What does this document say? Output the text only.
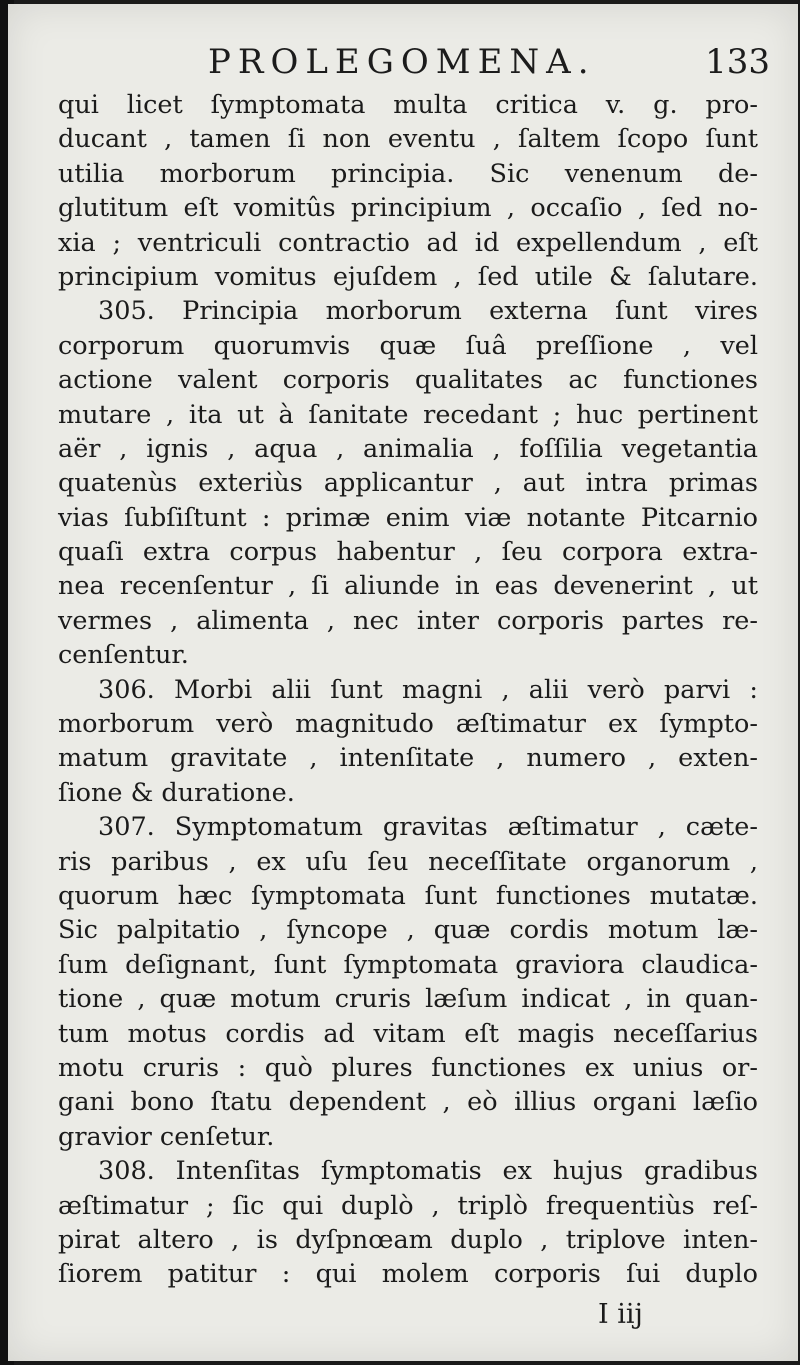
PROLEGOMENA.	133
qui licet ſymptomata multa critica v. g. pro-
ducant , tamen ſi non eventu , ſaltem ſcopo ſunt
utilia morborum principia. Sic venenum de-
glutitum eſt vomitûs principium , occaſio , ſed no-
xia ; ventriculi contractio ad id expellendum , eſt
principium vomitus ejuſdem , ſed utile & ſalutare.
305. Principia morborum externa ſunt vires
corporum quorumvis quæ ſuâ preſſione , vel
actione valent corporis qualitates ac functiones
mutare , ita ut à ſanitate recedant ; huc pertinent
aër , ignis , aqua , animalia , foſſilia vegetantia
quatenùs exteriùs applicantur , aut intra primas
vias ſubſiſtunt : primæ enim viæ notante Pitcarnio
quaſi extra corpus habentur , ſeu corpora extra-
nea recenſentur , ſi aliunde in eas devenerint , ut
vermes , alimenta , nec inter corporis partes re-
cenſentur.
306. Morbi alii ſunt magni , alii verò parvi :
morborum verò magnitudo æſtimatur ex ſympto-
matum gravitate , intenſitate , numero , exten-
ſione & duratione.
307. Symptomatum gravitas æſtimatur , cæte-
ris paribus , ex uſu ſeu neceſſitate organorum ,
quorum hæc ſymptomata ſunt functiones mutatæ.
Sic palpitatio , ſyncope , quæ cordis motum læ-
ſum deſignant, ſunt ſymptomata graviora claudica-
tione , quæ motum cruris læſum indicat , in quan-
tum motus cordis ad vitam eſt magis neceſſarius
motu cruris : quò plures functiones ex unius or-
gani bono ſtatu dependent , eò illius organi læſio
gravior cenſetur.
308. Intenſitas ſymptomatis ex hujus gradibus
æſtimatur ; ſic qui duplò , triplò frequentiùs reſ-
pirat altero , is dyſpnœam duplo , triplove inten-
ſiorem patitur : qui molem corporis ſui duplo
I iij
